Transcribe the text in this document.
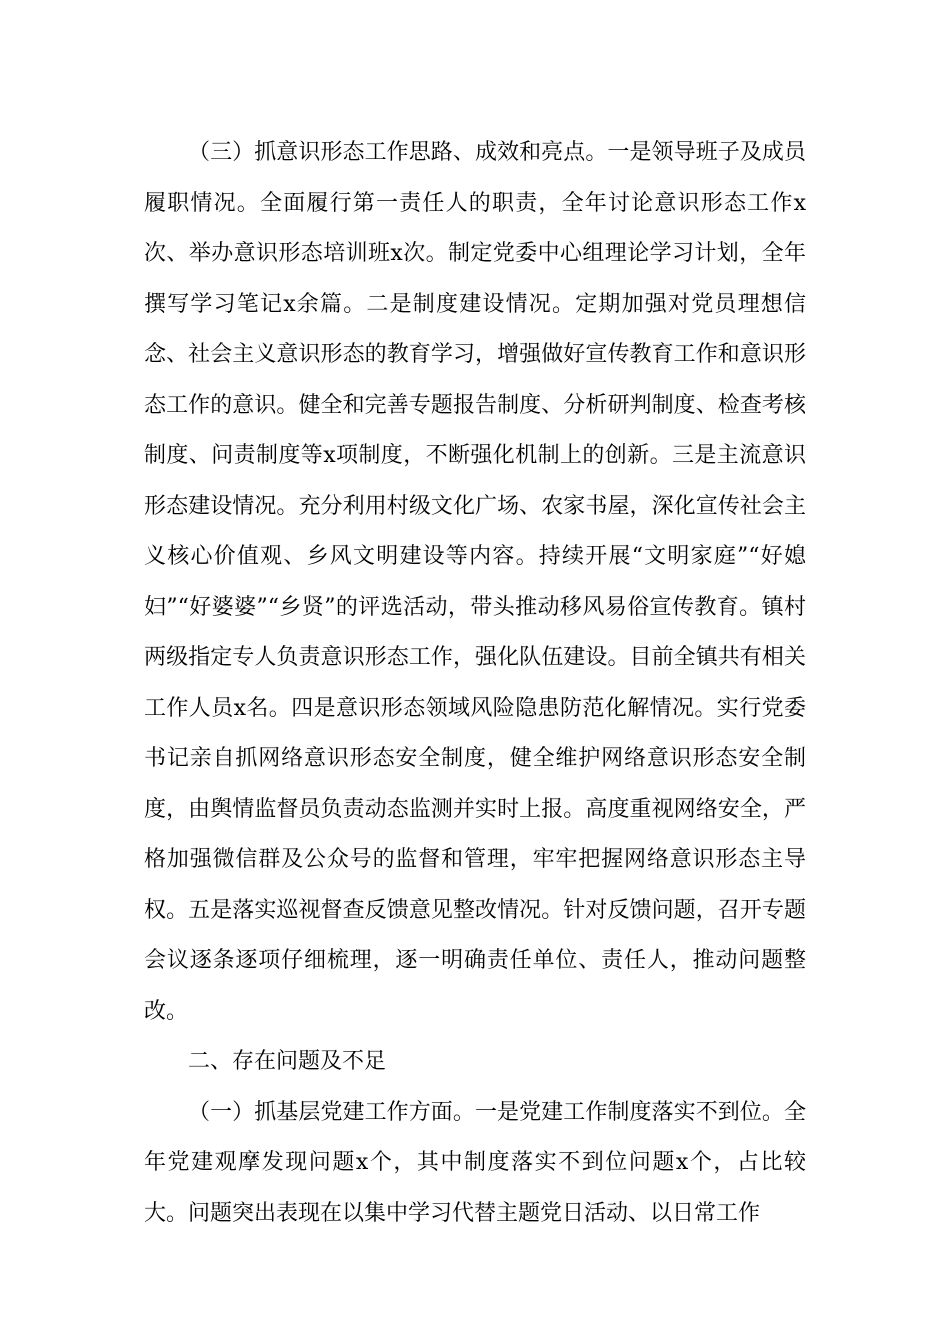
（三）抓意识形态工作思路、成效和亮点。一是领导班子及成员履职情况。全面履行第一责任人的职责，全年讨论意识形态工作x次、举办意识形态培训班x次。制定党委中心组理论学习计划，全年撰写学习笔记x余篇。二是制度建设情况。定期加强对党员理想信念、社会主义意识形态的教育学习，增强做好宣传教育工作和意识形态工作的意识。健全和完善专题报告制度、分析研判制度、检查考核制度、问责制度等x项制度，不断强化机制上的创新。三是主流意识形态建设情况。充分利用村级文化广场、农家书屋，深化宣传社会主义核心价值观、乡风文明建设等内容。持续开展“文明家庭”“好媳妇”“好婆婆”“乡贤”的评选活动，带头推动移风易俗宣传教育。镇村两级指定专人负责意识形态工作，强化队伍建设。目前全镇共有相关工作人员x名。四是意识形态领域风险隐患防范化解情况。实行党委书记亲自抓网络意识形态安全制度，健全维护网络意识形态安全制度，由舆情监督员负责动态监测并实时上报。高度重视网络安全，严格加强微信群及公众号的监督和管理，牢牢把握网络意识形态主导权。五是落实巡视督查反馈意见整改情况。针对反馈问题，召开专题会议逐条逐项仔细梳理，逐一明确责任单位、责任人，推动问题整改。

二、存在问题及不足

（一）抓基层党建工作方面。一是党建工作制度落实不到位。全年党建观摩发现问题x个，其中制度落实不到位问题x个，占比较大。问题突出表现在以集中学习代替主题党日活动、以日常工作
